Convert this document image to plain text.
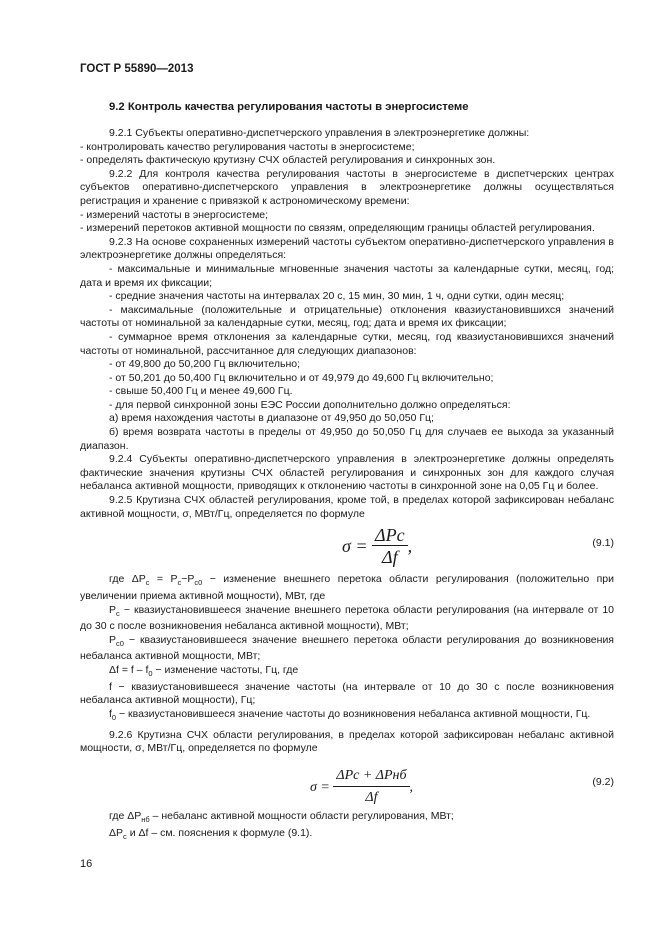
ГОСТ Р 55890—2013
9.2 Контроль качества регулирования частоты в энергосистеме

9.2.1 Субъекты оперативно-диспетчерского управления в электроэнергетике должны:

- контролировать качество регулирования частоты в энергосистеме;

- определять фактическую крутизну СЧХ областей регулирования и синхронных зон.

9.2.2 Для контроля качества регулирования частоты в энергосистеме в диспетчерских центрах субъектов оперативно-диспетчерского управления в электроэнергетике должны осуществляться регистрация и хранение с привязкой к астрономическому времени:

- измерений частоты в энергосистеме;

- измерений перетоков активной мощности по связям, определяющим границы областей регулирования.

9.2.3 На основе сохраненных измерений частоты субъектом оперативно-диспетчерского управления в электроэнергетике должны определяться:

- максимальные и минимальные мгновенные значения частоты за календарные сутки, месяц, год; дата и время их фиксации;

- средние значения частоты на интервалах 20 с, 15 мин, 30 мин, 1 ч, одни сутки, один месяц;

- максимальные (положительные и отрицательные) отклонения квазиустановившихся значений частоты от номинальной за календарные сутки, месяц, год; дата и время их фиксации;

- суммарное время отклонения за календарные сутки, месяц, год квазиустановившихся значений частоты от номинальной, рассчитанное для следующих диапазонов:

- от 49,800 до 50,200 Гц включительно;

- от 50,201 до 50,400 Гц включительно и от 49,979 до 49,600 Гц включительно;

- свыше 50,400 Гц и менее 49,600 Гц.

- для первой синхронной зоны ЕЭС России дополнительно должно определяться:

а) время нахождения частоты в диапазоне от 49,950 до 50,050 Гц;

б) время возврата частоты в пределы от 49,950 до 50,050 Гц для случаев ее выхода за указанный диапазон.

9.2.4 Субъекты оперативно-диспетчерского управления в электроэнергетике должны определять фактические значения крутизны СЧХ областей регулирования и синхронных зон для каждого случая небаланса активной мощности, приводящих к отклонению частоты в синхронной зоне на 0,05 Гц и более.

9.2.5 Крутизна СЧХ областей регулирования, кроме той, в пределах которой зафиксирован небаланс активной мощности, σ, МВт/Гц, определяется по формуле

$\sigma = \frac{\text{ΔPc}}{\Delta f}$ ,	(9.1)

где $\Delta P_c = P_c-P_{c0}$ − изменение внешнего перетока области регулирования (положительно при увеличении приема активной мощности), МВт, где

$P_c$ − квазиустановившееся значение внешнего перетока области регулирования (на интервале от 10 до 30 с после возникновения небаланса активной мощности), МВт;

$P_{c0}$ − квазиустановившееся значение внешнего перетока области регулирования до возникновения небаланса активной мощности, МВт;

$\Delta f = f - f_0$ − изменение частоты, Гц, где

f − квазиустановившееся значение частоты (на интервале от 10 до 30 с после возникновения небаланса активной мощности), Гц;

$f_0$ − квазиустановившееся значение частоты до возникновения небаланса активной мощности, Гц.

9.2.6 Крутизна СЧХ области регулирования, в пределах которой зафиксирован небаланс активной мощности, σ, МВт/Гц, определяется по формуле

$\sigma = \frac{\text{ΔPc + ΔPнб}}{\Delta f}$ ,	(9.2)

где $\Delta P_{нб}$ – небаланс активной мощности области регулирования, МВт;

$\Delta P_c$ и Δf – см. пояснения к формуле (9.1).

16
